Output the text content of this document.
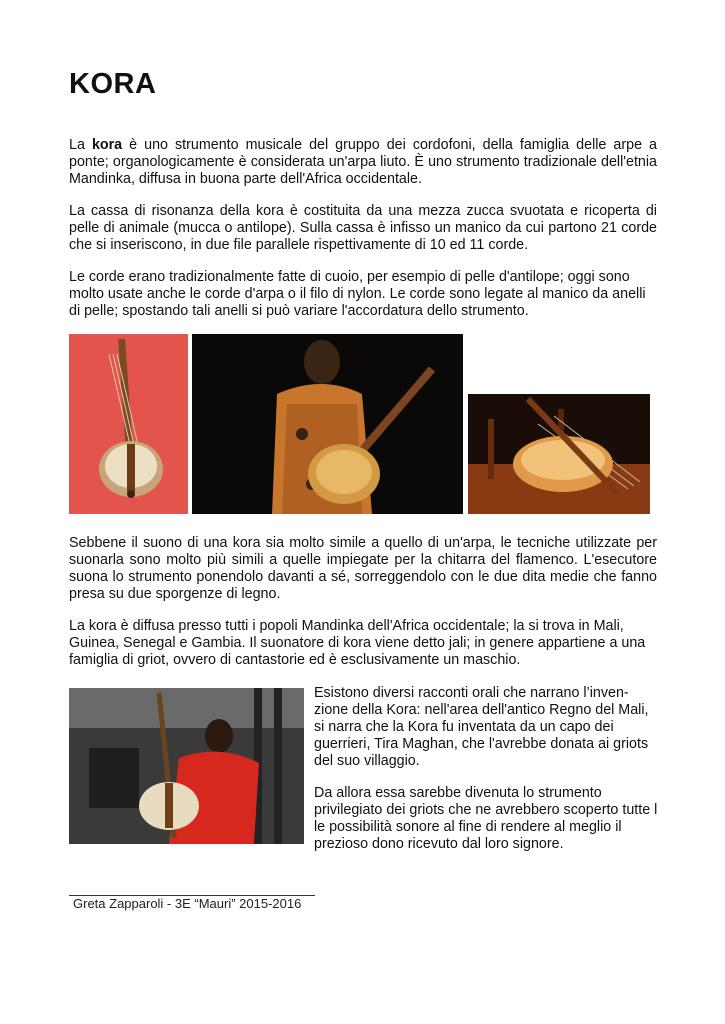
KORA

La kora è uno strumento musicale del gruppo dei cordofoni, della famiglia delle arpe a ponte; organologicamente è considerata un'arpa liuto. È uno strumento tradizionale dell'etnia Mandinka, diffusa in buona parte dell'Africa occidentale.

La cassa di risonanza della kora è costituita da una mezza zucca svuotata e ricoperta di pelle di animale (mucca o antilope). Sulla cassa è infisso un manico da cui partono 21 corde che si inseriscono, in due file parallele rispettivamente di 10 ed 11 corde.

Le corde erano tradizionalmente fatte di cuoio, per esempio di pelle d'antilope; oggi sono molto usate anche le corde d'arpa o il filo di nylon. Le corde sono legate al manico da anelli di pelle; spostando tali anelli si può variare l'accordatura dello strumento.

Sebbene il suono di una kora sia molto simile a quello di un'arpa, le tecniche utilizzate per suonarla sono molto più simili a quelle impiegate per la chitarra del flamenco. L'esecutore suona lo strumento ponendolo davanti a sé, sorreggendolo con le due dita medie che fanno presa su due sporgenze di legno.

La kora è diffusa presso tutti i popoli Mandinka dell'Africa occidentale; la si trova in Mali, Guinea, Senegal e Gambia. Il suonatore di kora viene detto jali; in genere appartiene a una famiglia di griot, ovvero di cantastorie ed è esclusivamente un maschio.

Esistono diversi racconti orali che narrano l’inven-zione della Kora: nell'area dell'antico Regno del Mali, si narra che la Kora fu inventata da un capo dei guerrieri, Tira Maghan, che l'avrebbe donata ai griots del suo villaggio.

Da allora essa sarebbe divenuta lo strumento privilegiato dei griots che ne avrebbero scoperto tutte l le possibilità sonore al fine di rendere al meglio il prezioso dono ricevuto dal loro signore.

Greta Zapparoli - 3E “Mauri” 2015-2016
